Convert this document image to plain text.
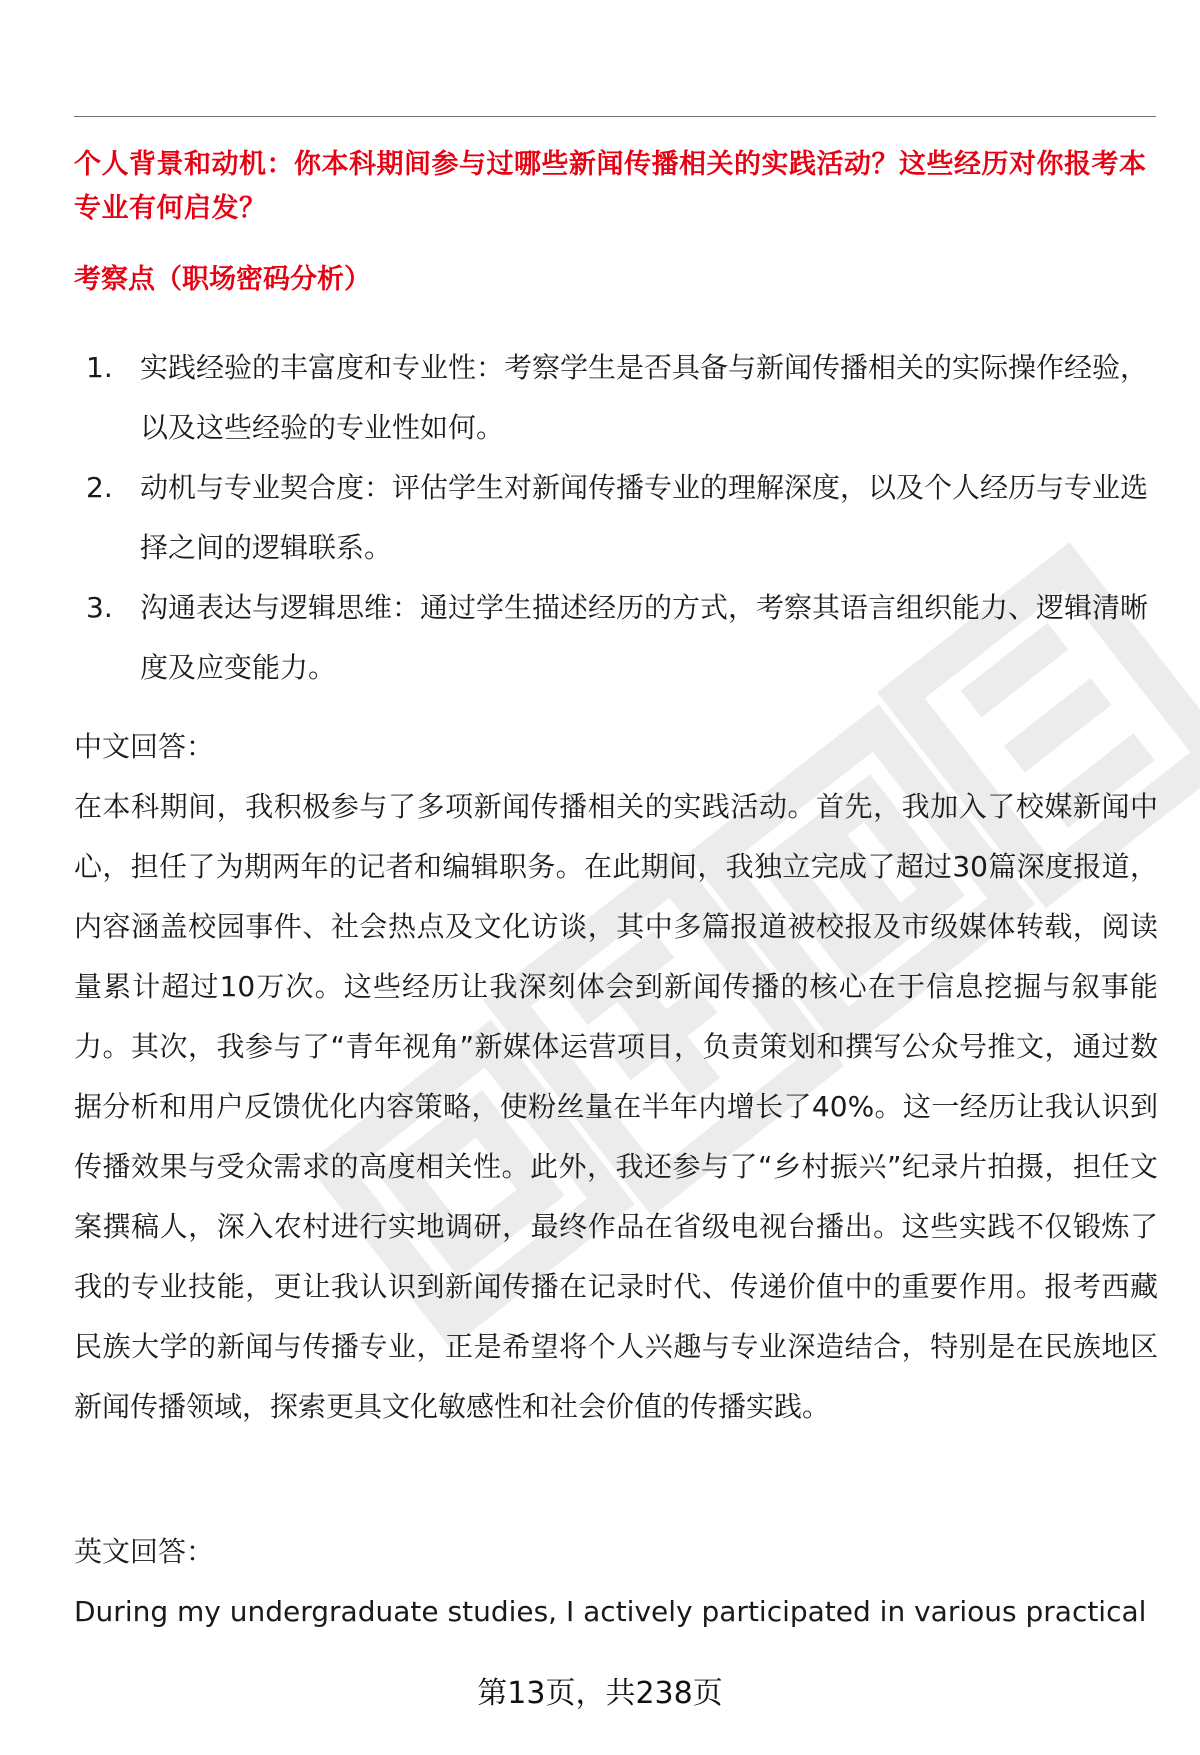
个人背景和动机：你本科期间参与过哪些新闻传播相关的实践活动？这些经历对你报考本专业有何启发？
考察点（职场密码分析）
1. 实践经验的丰富度和专业性：考察学生是否具备与新闻传播相关的实际操作经验，以及这些经验的专业性如何。
2. 动机与专业契合度：评估学生对新闻传播专业的理解深度，以及个人经历与专业选择之间的逻辑联系。
3. 沟通表达与逻辑思维：通过学生描述经历的方式，考察其语言组织能力、逻辑清晰度及应变能力。
中文回答：
在本科期间，我积极参与了多项新闻传播相关的实践活动。首先，我加入了校媒新闻中心，担任了为期两年的记者和编辑职务。在此期间，我独立完成了超过30篇深度报道，内容涵盖校园事件、社会热点及文化访谈，其中多篇报道被校报及市级媒体转载，阅读量累计超过10万次。这些经历让我深刻体会到新闻传播的核心在于信息挖掘与叙事能力。其次，我参与了“青年视角”新媒体运营项目，负责策划和撰写公众号推文，通过数据分析和用户反馈优化内容策略，使粉丝量在半年内增长了40%。这一经历让我认识到传播效果与受众需求的高度相关性。此外，我还参与了“乡村振兴”纪录片拍摄，担任文案撰稿人，深入农村进行实地调研，最终作品在省级电视台播出。这些实践不仅锻炼了我的专业技能，更让我认识到新闻传播在记录时代、传递价值中的重要作用。报考西藏民族大学的新闻与传播专业，正是希望将个人兴趣与专业深造结合，特别是在民族地区新闻传播领域，探索更具文化敏感性和社会价值的传播实践。
英文回答：
During my undergraduate studies, I actively participated in various practical
第13页，共238页
